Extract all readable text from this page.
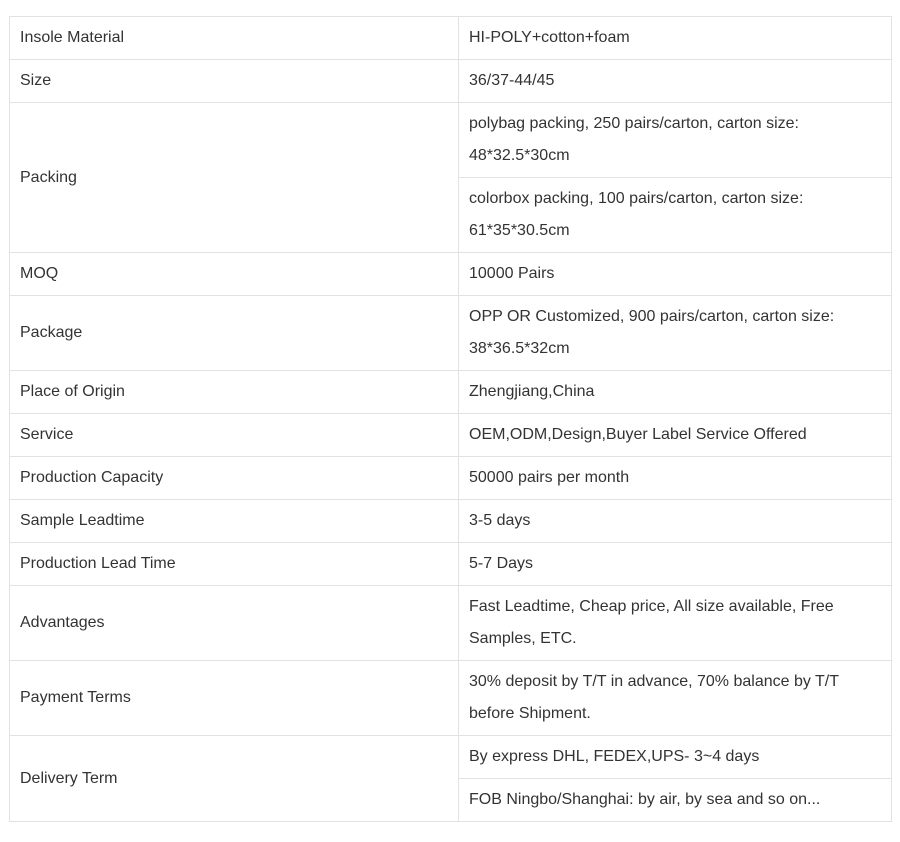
Insole Material	HI-POLY+cotton+foam
Size	36/37-44/45
Packing	polybag packing, 250 pairs/carton, carton size: 48*32.5*30cm
	colorbox packing, 100 pairs/carton, carton size: 61*35*30.5cm
MOQ	10000 Pairs
Package	OPP OR Customized, 900 pairs/carton, carton size: 38*36.5*32cm
Place of Origin	Zhengjiang,China
Service	OEM,ODM,Design,Buyer Label Service Offered
Production Capacity	50000 pairs per month
Sample Leadtime	3-5 days
Production Lead Time	5-7 Days
Advantages	Fast Leadtime, Cheap price, All size available, Free Samples, ETC.
Payment Terms	30% deposit by T/T in advance, 70% balance by T/T before Shipment.
Delivery Term	By express DHL, FEDEX,UPS- 3~4 days
	FOB Ningbo/Shanghai: by air, by sea and so on...
